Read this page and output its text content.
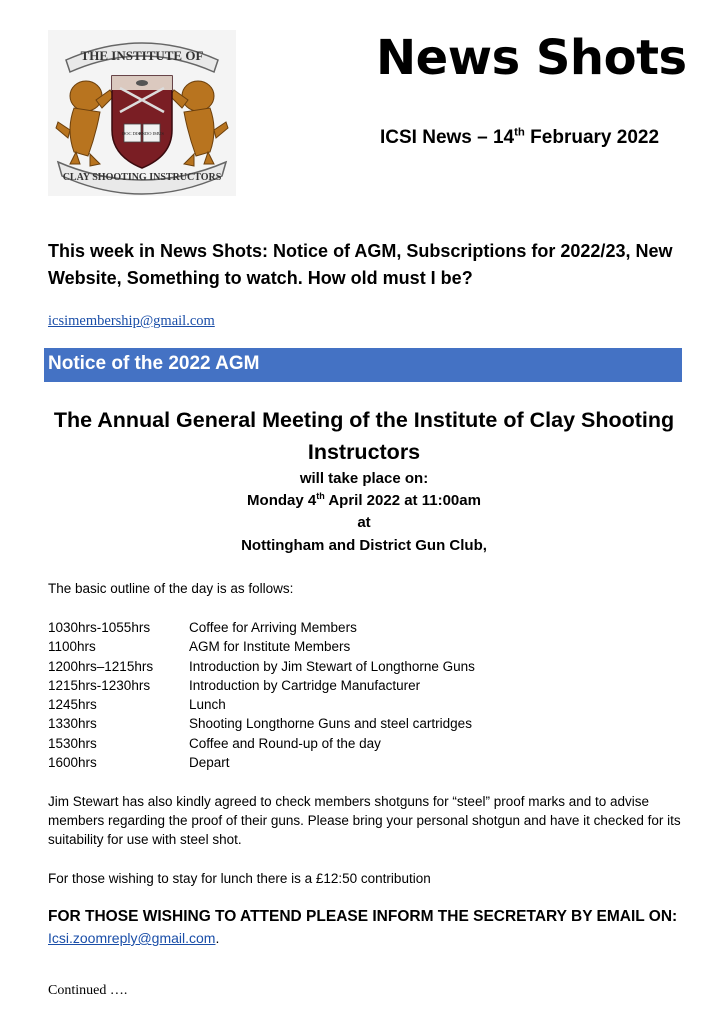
THE INSTITUTE OF
CLAY SHOOTING INSTRUCTORS
DOC DISC
ENDO IMUS
News Shots
ICSI News – 14th February 2022
This week in News Shots: Notice of AGM, Subscriptions for 2022/23, New Website, Something to watch. How old must I be?
icsimembership@gmail.com
Notice of the 2022 AGM
The Annual General Meeting of the Institute of Clay Shooting Instructors
will take place on:
Monday 4th April 2022 at 11:00am
at
Nottingham and District Gun Club,
The basic outline of the day is as follows:
1030hrs-1055hrs	Coffee for Arriving Members
1100hrs	AGM for Institute Members
1200hrs–1215hrs	Introduction by Jim Stewart of Longthorne Guns
1215hrs-1230hrs	Introduction by Cartridge Manufacturer
1245hrs	Lunch
1330hrs	Shooting Longthorne Guns and steel cartridges
1530hrs	Coffee and Round-up of the day
1600hrs	Depart
Jim Stewart has also kindly agreed to check members shotguns for “steel” proof marks and to advise members regarding the proof of their guns. Please bring your personal shotgun and have it checked for its suitability for use with steel shot.
For those wishing to stay for lunch there is a £12:50 contribution
FOR THOSE WISHING TO ATTEND PLEASE INFORM THE SECRETARY BY EMAIL ON:
Icsi.zoomreply@gmail.com.
Continued ….
